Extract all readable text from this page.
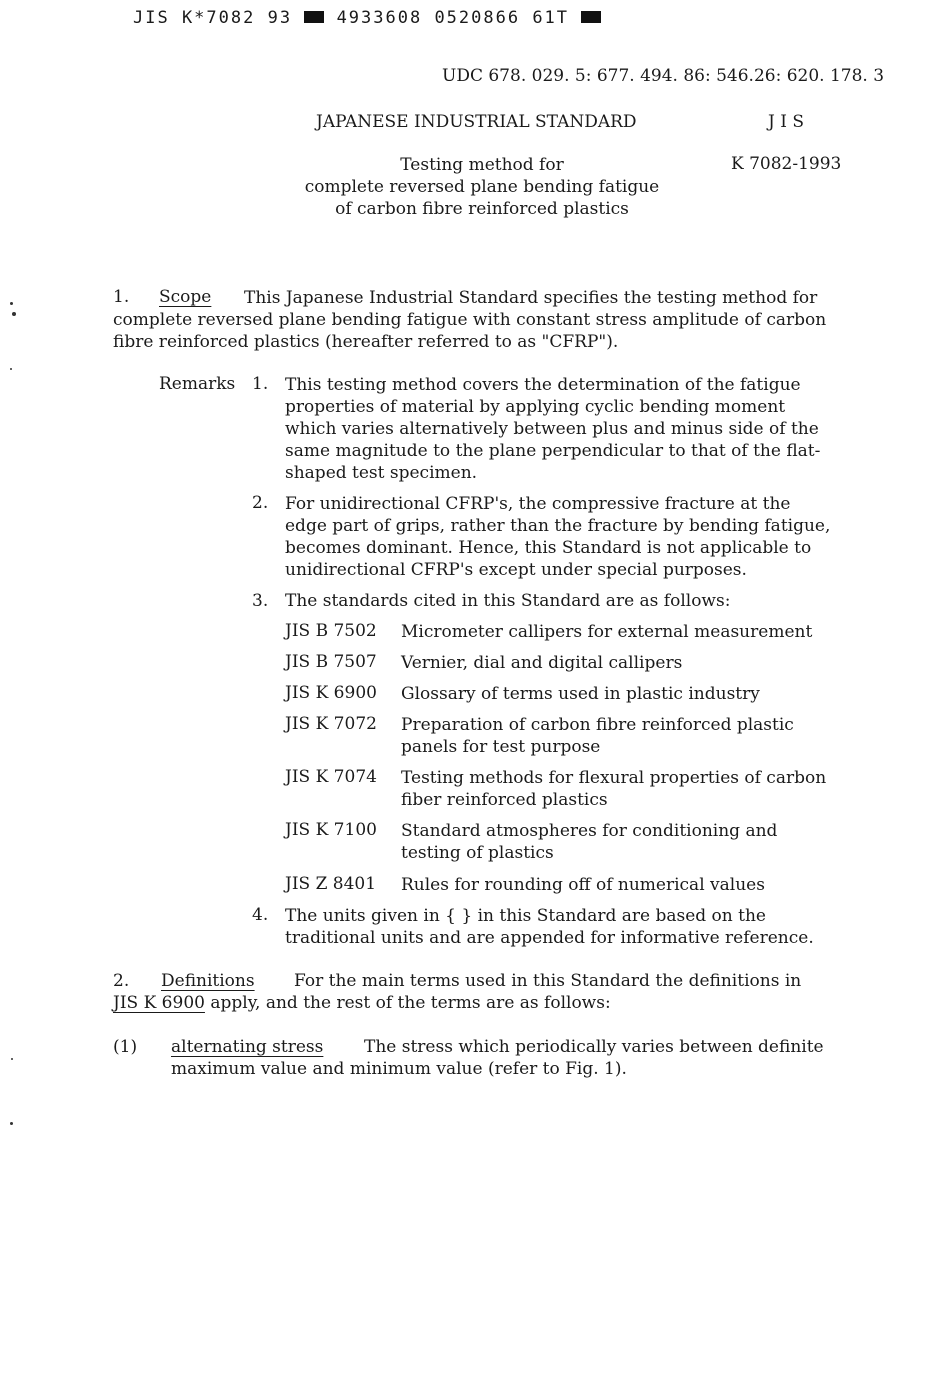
JIS K*7082 93	4933608 0520866 61T
UDC 678. 029. 5: 677. 494. 86: 546.26: 620. 178. 3
JAPANESE INDUSTRIAL STANDARD	J I S
Testing method for
complete reversed plane bending fatigue
of carbon fibre reinforced plastics
K 7082-1993
1. Scope	This Japanese Industrial Standard specifies the testing method for
complete reversed plane bending fatigue with constant stress amplitude of carbon
fibre reinforced plastics (hereafter referred to as "CFRP").
Remarks 1. This testing method covers the determination of the fatigue
properties of material by applying cyclic bending moment
which varies alternatively between plus and minus side of the
same magnitude to the plane perpendicular to that of the flat-
shaped test specimen.
2. For unidirectional CFRP's, the compressive fracture at the
edge part of grips, rather than the fracture by bending fatigue,
becomes dominant. Hence, this Standard is not applicable to
unidirectional CFRP's except under special purposes.
3. The standards cited in this Standard are as follows:
JIS B 7502 Micrometer callipers for external measurement
JIS B 7507 Vernier, dial and digital callipers
JIS K 6900 Glossary of terms used in plastic industry
JIS K 7072 Preparation of carbon fibre reinforced plastic
panels for test purpose
JIS K 7074 Testing methods for flexural properties of carbon
fiber reinforced plastics
JIS K 7100 Standard atmospheres for conditioning and
testing of plastics
JIS Z 8401 Rules for rounding off of numerical values
4. The units given in { } in this Standard are based on the
traditional units and are appended for informative reference.
2. Definitions For the main terms used in this Standard the definitions in
JIS K 6900 apply, and the rest of the terms are as follows:
(1) alternating stress The stress which periodically varies between definite
maximum value and minimum value (refer to Fig. 1).
